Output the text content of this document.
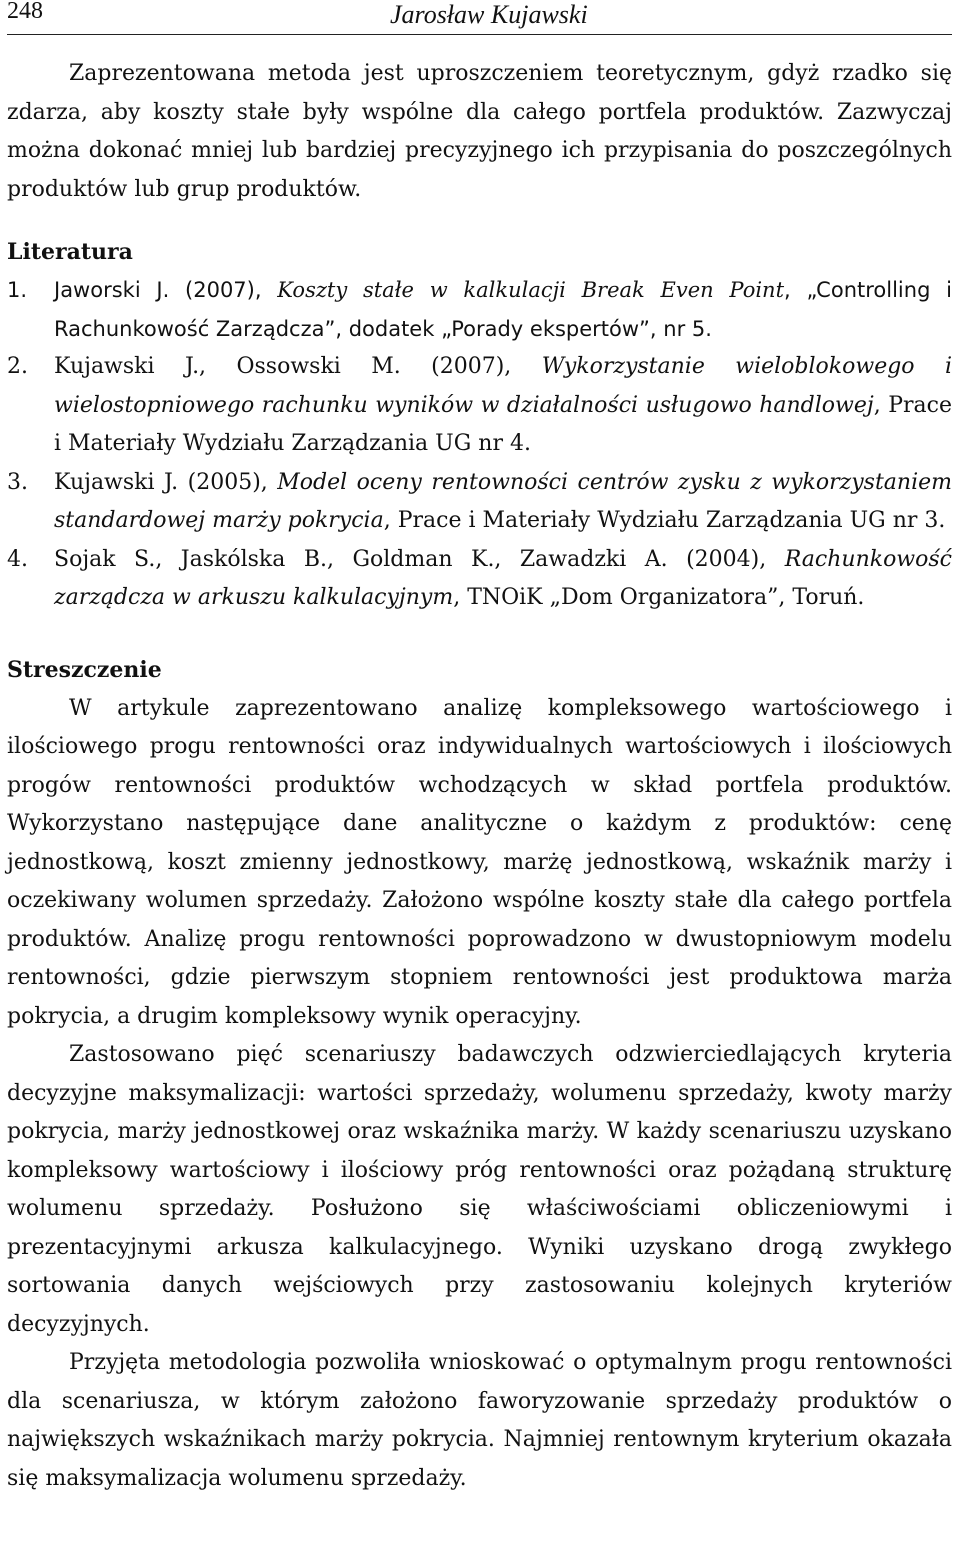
248	Jarosław Kujawski

Zaprezentowana metoda jest uproszczeniem teoretycznym, gdyż rzadko się zdarza, aby koszty stałe były wspólne dla całego portfela produktów. Zazwyczaj można dokonać mniej lub bardziej precyzyjnego ich przypisania do poszczególnych produktów lub grup produktów.

Literatura
1. Jaworski J. (2007), Koszty stałe w kalkulacji Break Even Point, „Controlling i Rachunkowość Zarządcza”, dodatek „Porady ekspertów”, nr 5.
2. Kujawski J., Ossowski M. (2007), Wykorzystanie wieloblokowego i wielostopniowego rachunku wyników w działalności usługowo handlowej, Prace i Materiały Wydziału Zarządzania UG nr 4.
3. Kujawski J. (2005), Model oceny rentowności centrów zysku z wykorzystaniem standardowej marży pokrycia, Prace i Materiały Wydziału Zarządzania UG nr 3.
4. Sojak S., Jaskólska B., Goldman K., Zawadzki A. (2004), Rachunkowość zarządcza w arkuszu kalkulacyjnym, TNOiK „Dom Organizatora”, Toruń.
Streszczenie

W artykule zaprezentowano analizę kompleksowego wartościowego i ilościowego progu rentowności oraz indywidualnych wartościowych i ilościowych progów rentowności produktów wchodzących w skład portfela produktów. Wykorzystano następujące dane analityczne o każdym z produktów: cenę jednostkową, koszt zmienny jednostkowy, marżę jednostkową, wskaźnik marży i oczekiwany wolumen sprzedaży. Założono wspólne koszty stałe dla całego portfela produktów. Analizę progu rentowności poprowadzono w dwustopniowym modelu rentowności, gdzie pierwszym stopniem rentowności jest produktowa marża pokrycia, a drugim kompleksowy wynik operacyjny.

Zastosowano pięć scenariuszy badawczych odzwierciedlających kryteria decyzyjne maksymalizacji: wartości sprzedaży, wolumenu sprzedaży, kwoty marży pokrycia, marży jednostkowej oraz wskaźnika marży. W każdy scenariuszu uzyskano kompleksowy wartościowy i ilościowy próg rentowności oraz pożądaną strukturę wolumenu sprzedaży. Posłużono się właściwościami obliczeniowymi i prezentacyjnymi arkusza kalkulacyjnego. Wyniki uzyskano drogą zwykłego sortowania danych wejściowych przy zastosowaniu kolejnych kryteriów decyzyjnych.

Przyjęta metodologia pozwoliła wnioskować o optymalnym progu rentowności dla scenariusza, w którym założono faworyzowanie sprzedaży produktów o największych wskaźnikach marży pokrycia. Najmniej rentownym kryterium okazała się maksymalizacja wolumenu sprzedaży.
